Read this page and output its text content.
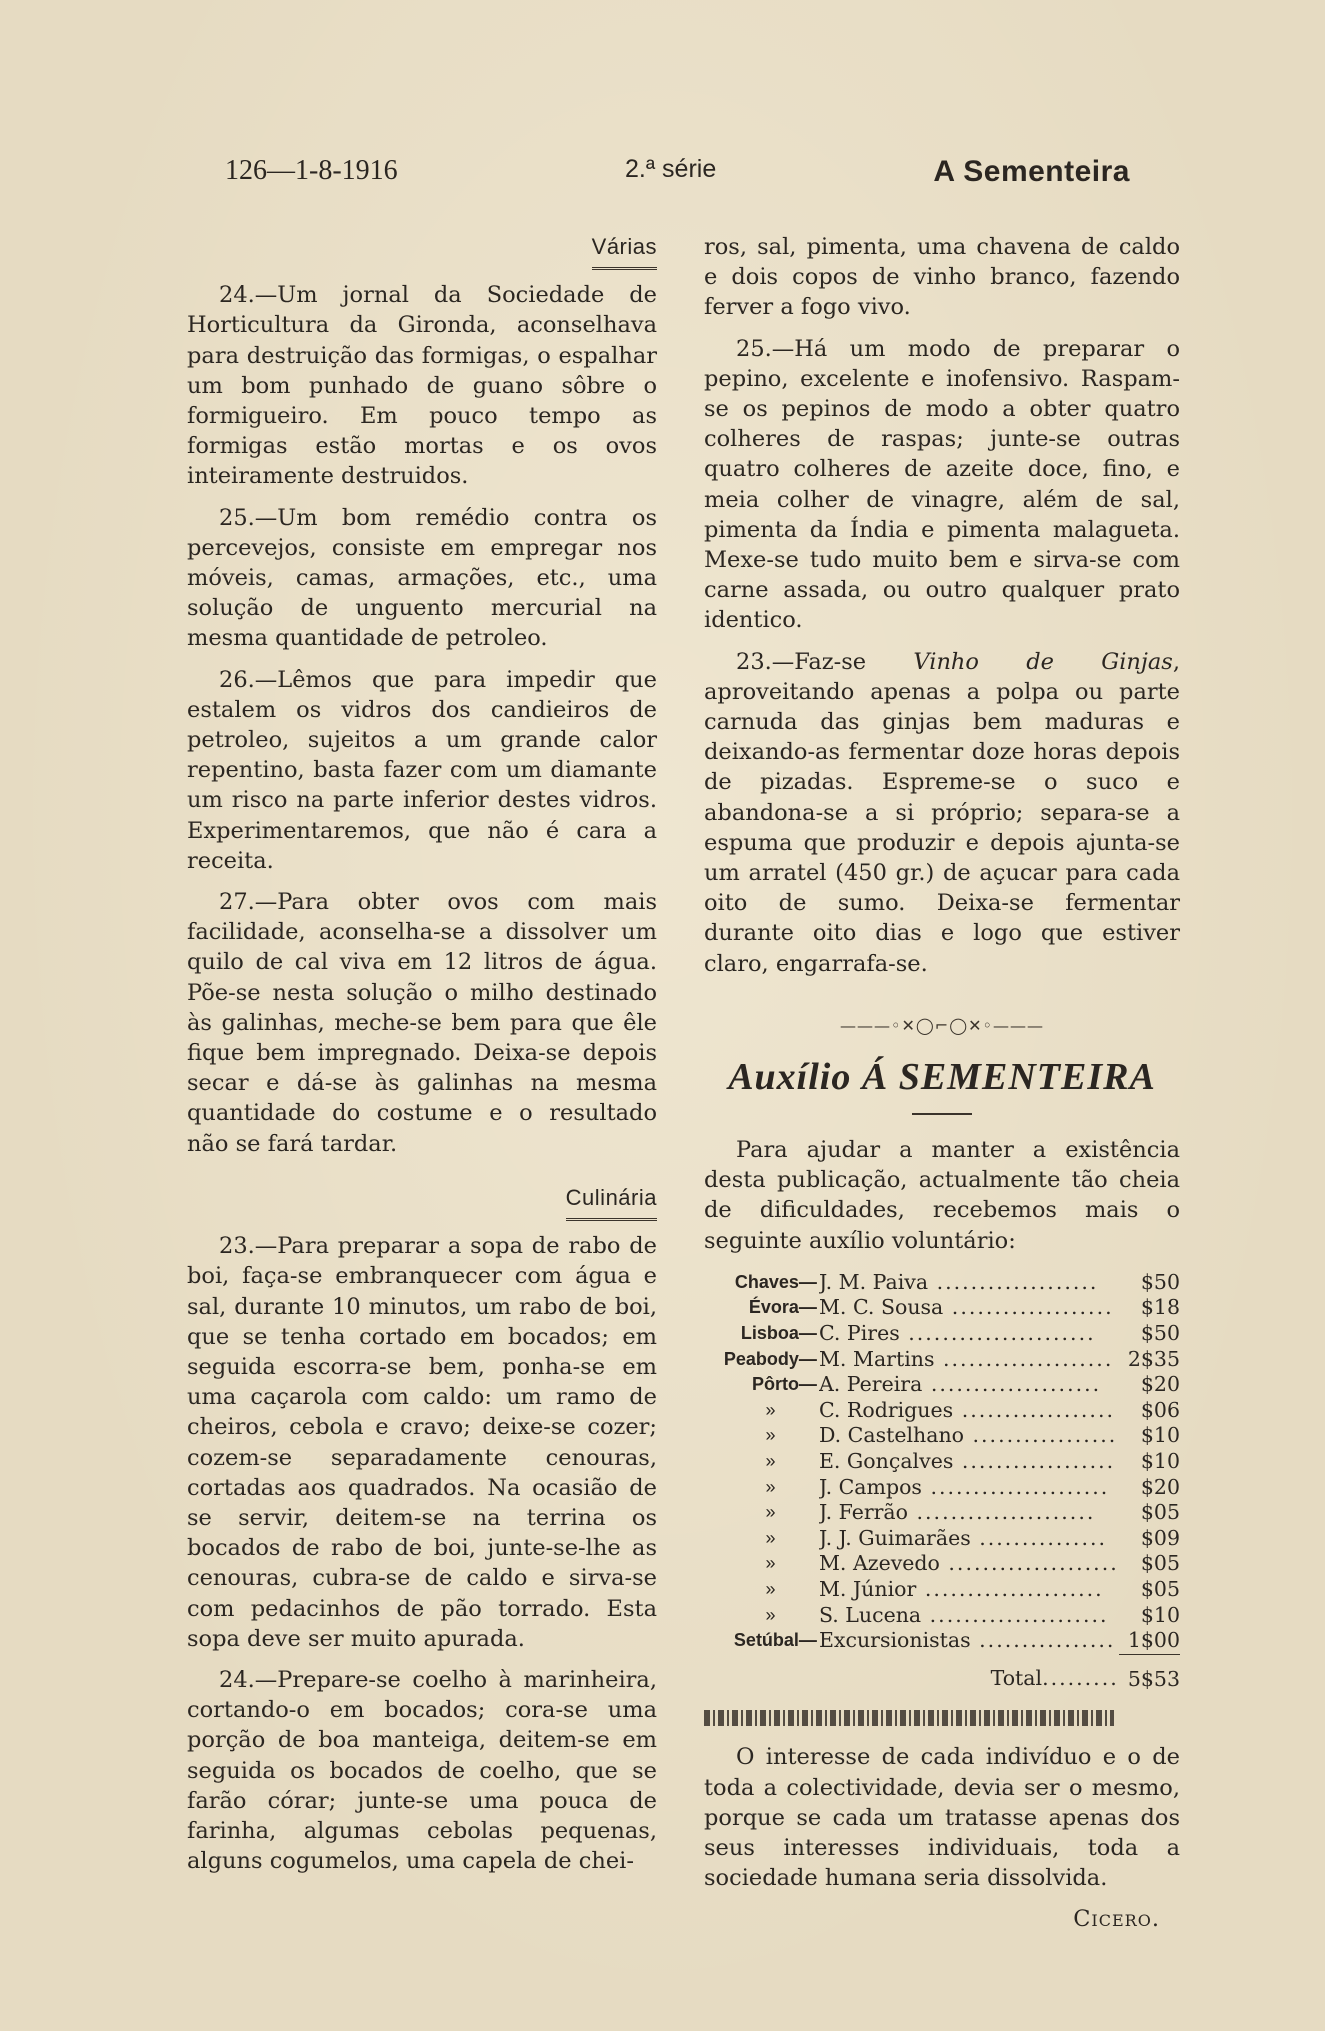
126—1-8-1916	2.ª série	A Sementeira
Várias

24.—Um jornal da Sociedade de Horticultura da Gironda, aconselhava para destruição das formigas, o espalhar um bom punhado de guano sôbre o formigueiro. Em pouco tempo as formigas estão mortas e os ovos inteiramente destruidos.

25.—Um bom remédio contra os percevejos, consiste em empregar nos móveis, camas, armações, etc., uma solução de unguento mercurial na mesma quantidade de petroleo.

26.—Lêmos que para impedir que estalem os vidros dos candieiros de petroleo, sujeitos a um grande calor repentino, basta fazer com um diamante um risco na parte inferior destes vidros. Experimentaremos, que não é cara a receita.

27.—Para obter ovos com mais facilidade, aconselha-se a dissolver um quilo de cal viva em 12 litros de água. Põe-se nesta solução o milho destinado às galinhas, meche-se bem para que êle fique bem impregnado. Deixa-se depois secar e dá-se às galinhas na mesma quantidade do costume e o resultado não se fará tardar.

Culinária

23.—Para preparar a sopa de rabo de boi, faça-se embranquecer com água e sal, durante 10 minutos, um rabo de boi, que se tenha cortado em bocados; em seguida escorra-se bem, ponha-se em uma caçarola com caldo: um ramo de cheiros, cebola e cravo; deixe-se cozer; cozem-se separadamente cenouras, cortadas aos quadrados. Na ocasião de se servir, deitem-se na terrina os bocados de rabo de boi, junte-se-lhe as cenouras, cubra-se de caldo e sirva-se com pedacinhos de pão torrado. Esta sopa deve ser muito apurada.

24.—Prepare-se coelho à marinheira, cortando-o em bocados; cora-se uma porção de boa manteiga, deitem-se em seguida os bocados de coelho, que se farão córar; junte-se uma pouca de farinha, algumas cebolas pequenas, alguns cogumelos, uma capela de chei-

ros, sal, pimenta, uma chavena de caldo e dois copos de vinho branco, fazendo ferver a fogo vivo.

25.—Há um modo de preparar o pepino, excelente e inofensivo. Raspam-se os pepinos de modo a obter quatro colheres de raspas; junte-se outras quatro colheres de azeite doce, fino, e meia colher de vinagre, além de sal, pimenta da Índia e pimenta malagueta. Mexe-se tudo muito bem e sirva-se com carne assada, ou outro qualquer prato identico.

23.—Faz-se Vinho de Ginjas, aproveitando apenas a polpa ou parte carnuda das ginjas bem maduras e deixando-as fermentar doze horas depois de pizadas. Espreme-se o suco e abandona-se a si próprio; separa-se a espuma que produzir e depois ajunta-se um arratel (450 gr.) de açucar para cada oito de sumo. Deixa-se fermentar durante oito dias e logo que estiver claro, engarrafa-se.

———◦✕◯⌐◯✕◦———
Auxílio Á SEMENTEIRA

Para ajudar a manter a existência desta publicação, actualmente tão cheia de dificuldades, recebemos mais o seguinte auxílio voluntário:

Chaves—	J. M. Paiva ...................	$50
Évora—	M. C. Sousa ...................	$18
Lisboa—	C. Pires ......................	$50
Peabody—	M. Martins ....................	2$35
Pôrto—	A. Pereira ....................	$20
»	C. Rodrigues ..................	$06
»	D. Castelhano .................	$10
»	E. Gonçalves ..................	$10
»	J. Campos .....................	$20
»	J. Ferrão .....................	$05
»	J. J. Guimarães ...............	$09
»	M. Azevedo ....................	$05
»	M. Júnior .....................	$05
»	S. Lucena .....................	$10
Setúbal—	Excursionistas ................	1$00
	Total.........	5$53

O interesse de cada indivíduo e o de toda a colectividade, devia ser o mesmo, porque se cada um tratasse apenas dos seus interesses individuais, toda a sociedade humana seria dissolvida.

Cicero.
